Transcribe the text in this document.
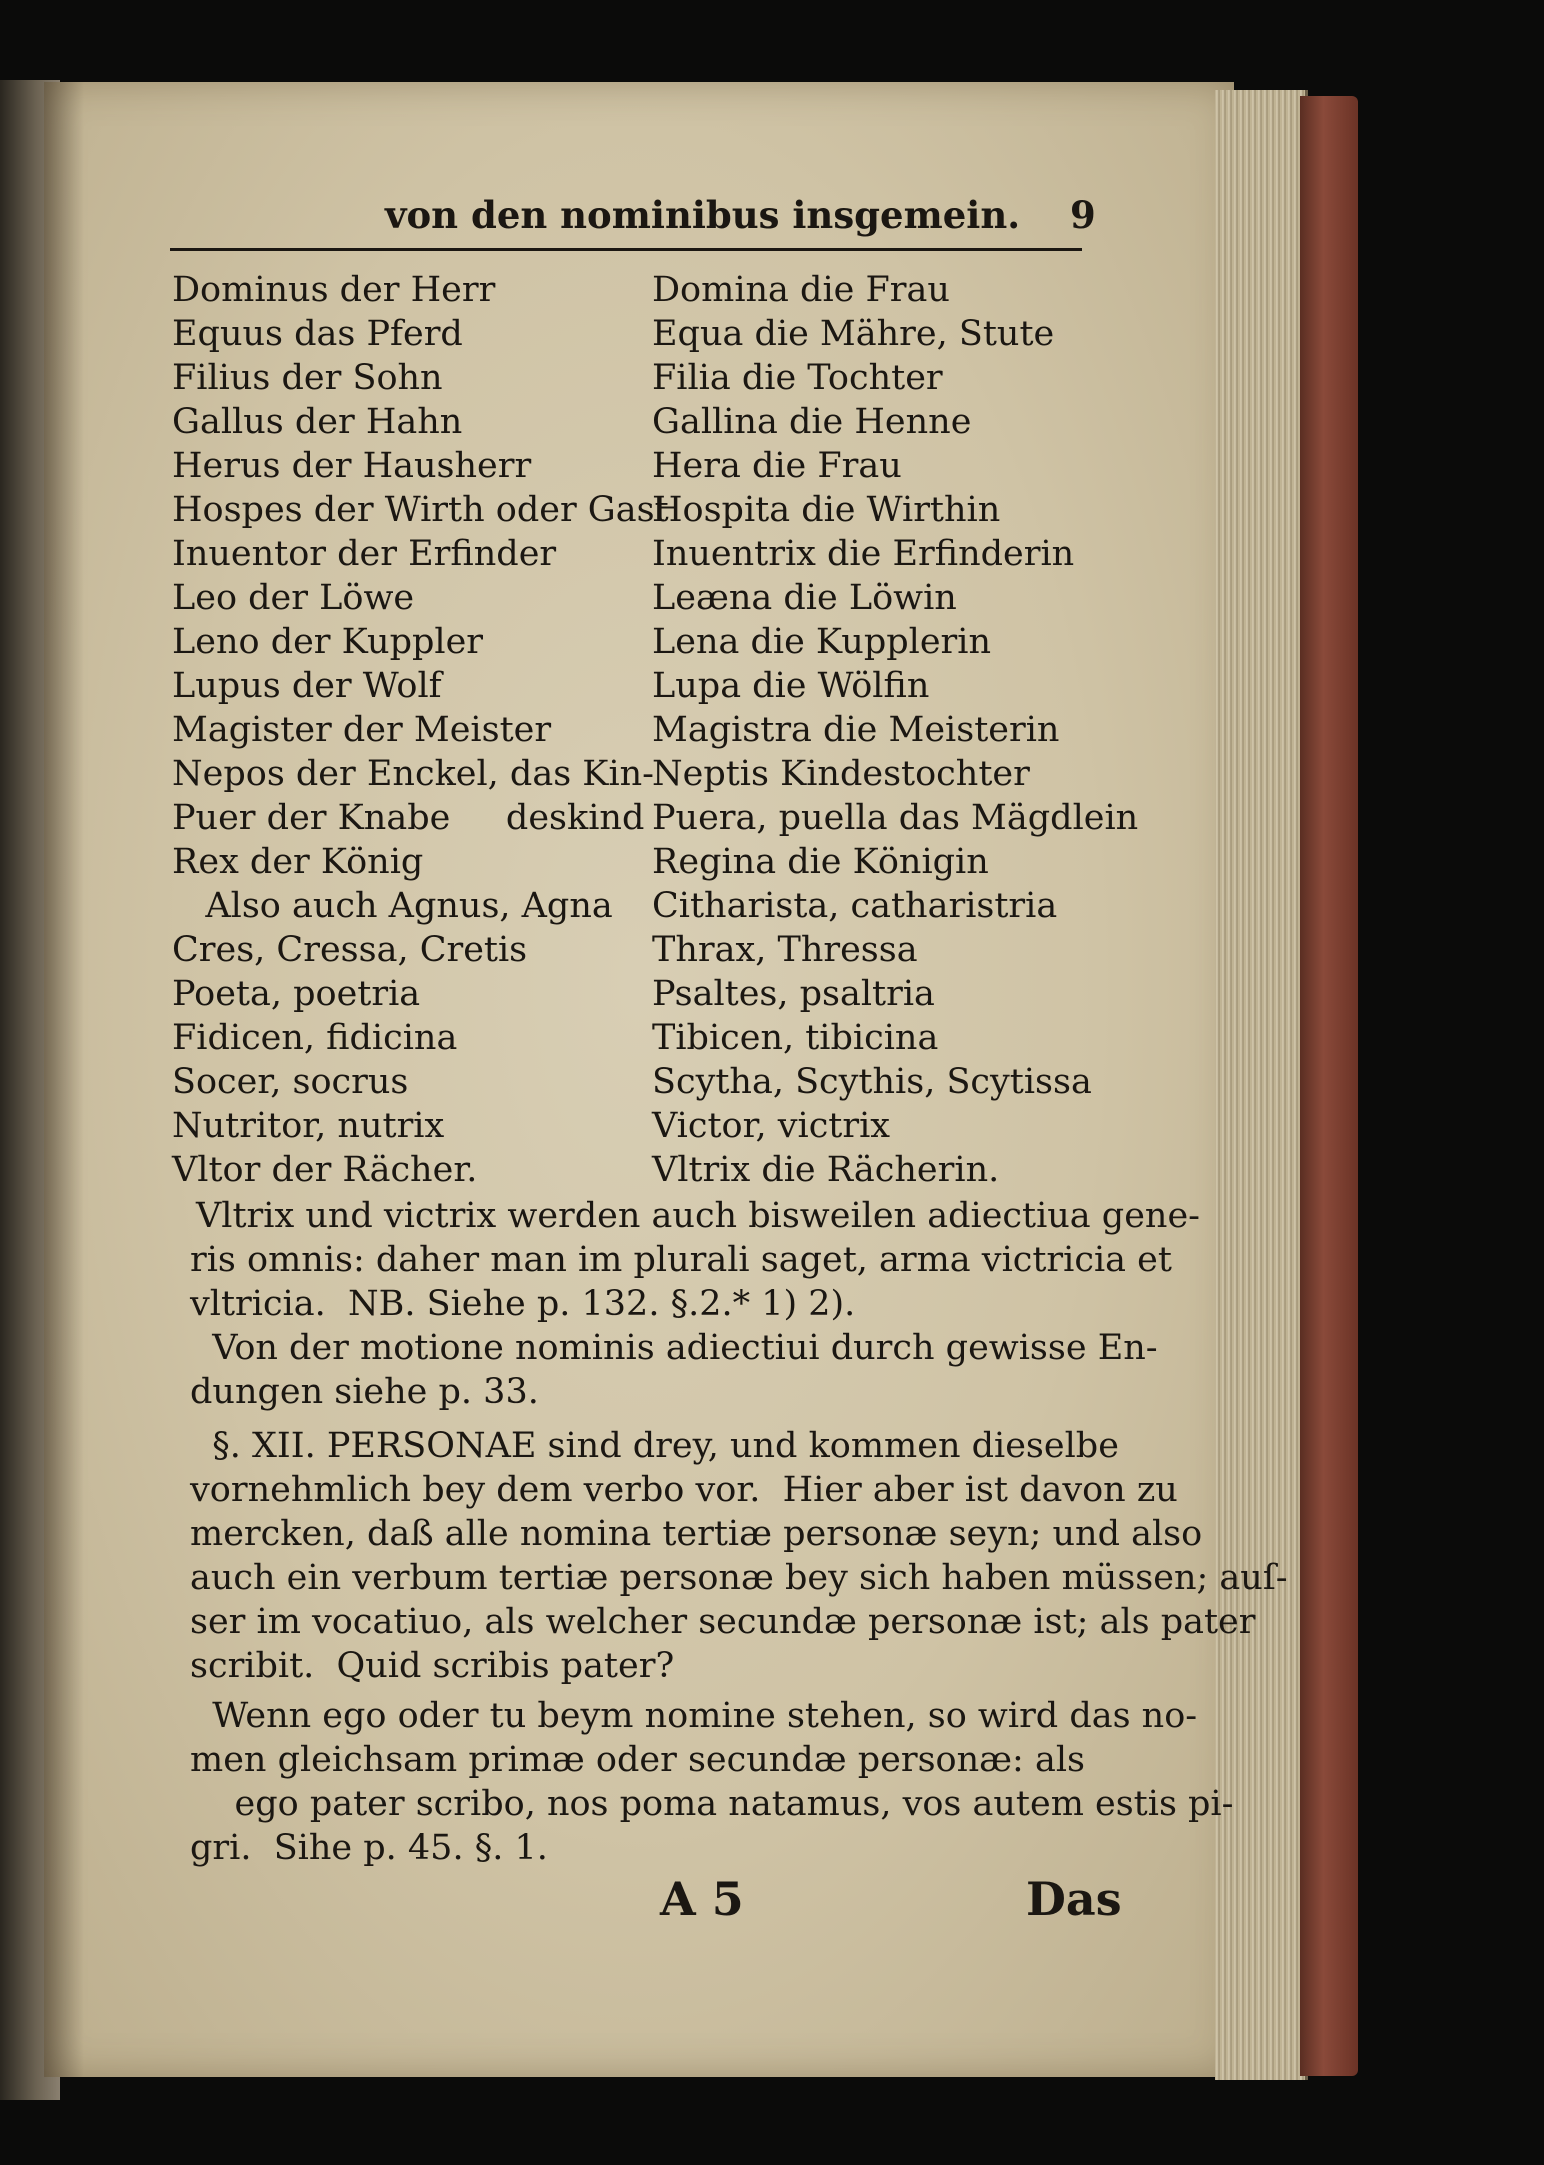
von den nominibus insgemein. 9
Dominus der Herr
Equus das Pferd
Filius der Sohn
Gallus der Hahn
Herus der Hausherr
Hospes der Wirth oder Gast
Inuentor der Erfinder
Leo der Löwe
Leno der Kuppler
Lupus der Wolf
Magister der Meister
Nepos der Enckel, das Kin-
Puer der Knabe     deskind
Rex der König
Also auch Agnus, Agna
Cres, Cressa, Cretis
Poeta, poetria
Fidicen, fidicina
Socer, socrus
Nutritor, nutrix
Vltor der Rächer.
Domina die Frau
Equa die Mähre, Stute
Filia die Tochter
Gallina die Henne
Hera die Frau
Hospita die Wirthin
Inuentrix die Erfinderin
Leæna die Löwin
Lena die Kupplerin
Lupa die Wölfin
Magistra die Meisterin
Neptis Kindestochter
Puera, puella das Mägdlein
Regina die Königin
Citharista, catharistria
Thrax, Thressa
Psaltes, psaltria
Tibicen, tibicina
Scytha, Scythis, Scytissa
Victor, victrix
Vltrix die Rächerin.
Vltrix und victrix werden auch bisweilen adiectiua gene-
ris omnis: daher man im plurali saget, arma victricia et
vltricia.  NB. Siehe p. 132. §.2.* 1) 2).
Von der motione nominis adiectiui durch gewisse En-
dungen siehe p. 33.
§. XII. PERSONAE sind drey, und kommen dieselbe
vornehmlich bey dem verbo vor.  Hier aber ist davon zu
mercken, daß alle nomina tertiæ personæ seyn; und also
auch ein verbum tertiæ personæ bey sich haben müssen; auſ-
ser im vocatiuo, als welcher secundæ personæ ist; als pater
scribit.  Quid scribis pater?
Wenn ego oder tu beym nomine stehen, so wird das no-
men gleichsam primæ oder secundæ personæ: als
ego pater scribo, nos poma natamus, vos autem estis pi-
gri.  Sihe p. 45. §. 1.
A 5	Das
